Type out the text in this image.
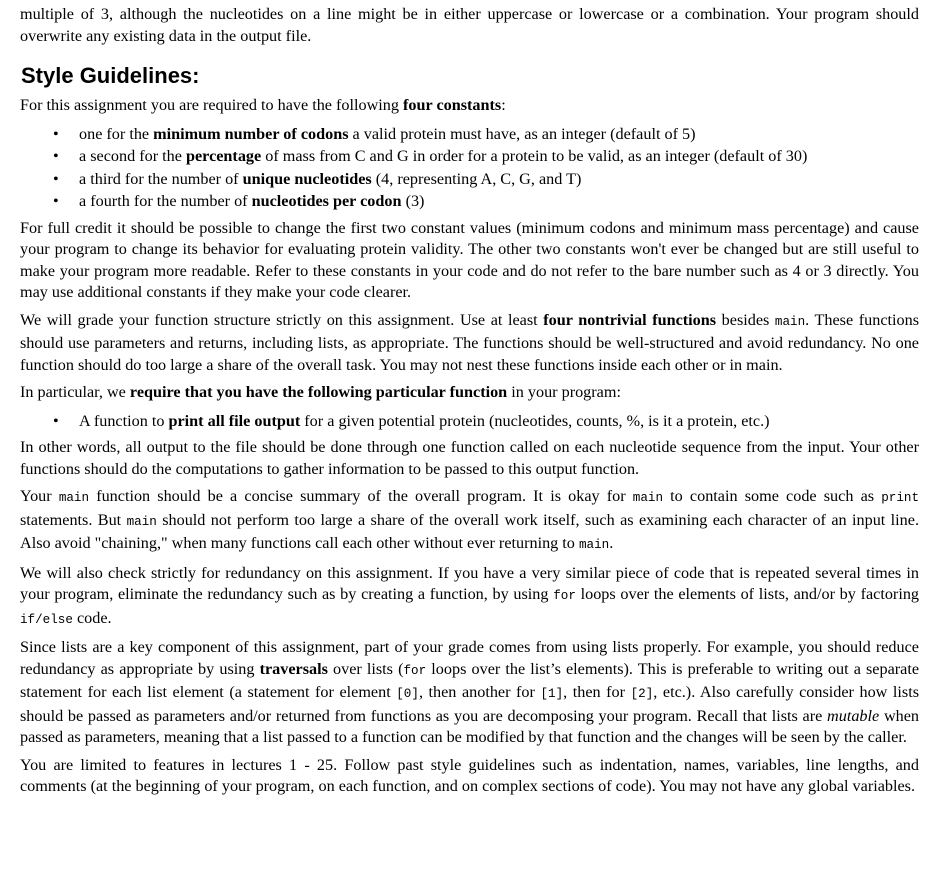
multiple of 3, although the nucleotides on a line might be in either uppercase or lowercase or a combination. Your program should overwrite any existing data in the output file.

Style Guidelines:

For this assignment you are required to have the following four constants:

• one for the minimum number of codons a valid protein must have, as an integer (default of 5)
• a second for the percentage of mass from C and G in order for a protein to be valid, as an integer (default of 30)
• a third for the number of unique nucleotides (4, representing A, C, G, and T)
• a fourth for the number of nucleotides per codon (3)

For full credit it should be possible to change the first two constant values (minimum codons and minimum mass percentage) and cause your program to change its behavior for evaluating protein validity. The other two constants won't ever be changed but are still useful to make your program more readable. Refer to these constants in your code and do not refer to the bare number such as 4 or 3 directly. You may use additional constants if they make your code clearer.

We will grade your function structure strictly on this assignment. Use at least four nontrivial functions besides main. These functions should use parameters and returns, including lists, as appropriate. The functions should be well-structured and avoid redundancy. No one function should do too large a share of the overall task. You may not nest these functions inside each other or in main.

In particular, we require that you have the following particular function in your program:

• A function to print all file output for a given potential protein (nucleotides, counts, %, is it a protein, etc.)

In other words, all output to the file should be done through one function called on each nucleotide sequence from the input. Your other functions should do the computations to gather information to be passed to this output function.

Your main function should be a concise summary of the overall program. It is okay for main to contain some code such as print statements. But main should not perform too large a share of the overall work itself, such as examining each character of an input line. Also avoid "chaining," when many functions call each other without ever returning to main.

We will also check strictly for redundancy on this assignment. If you have a very similar piece of code that is repeated several times in your program, eliminate the redundancy such as by creating a function, by using for loops over the elements of lists, and/or by factoring if/else code.

Since lists are a key component of this assignment, part of your grade comes from using lists properly. For example, you should reduce redundancy as appropriate by using traversals over lists (for loops over the list’s elements). This is preferable to writing out a separate statement for each list element (a statement for element [0], then another for [1], then for [2], etc.). Also carefully consider how lists should be passed as parameters and/or returned from functions as you are decomposing your program. Recall that lists are mutable when passed as parameters, meaning that a list passed to a function can be modified by that function and the changes will be seen by the caller.

You are limited to features in lectures 1 - 25. Follow past style guidelines such as indentation, names, variables, line lengths, and comments (at the beginning of your program, on each function, and on complex sections of code). You may not have any global variables.
